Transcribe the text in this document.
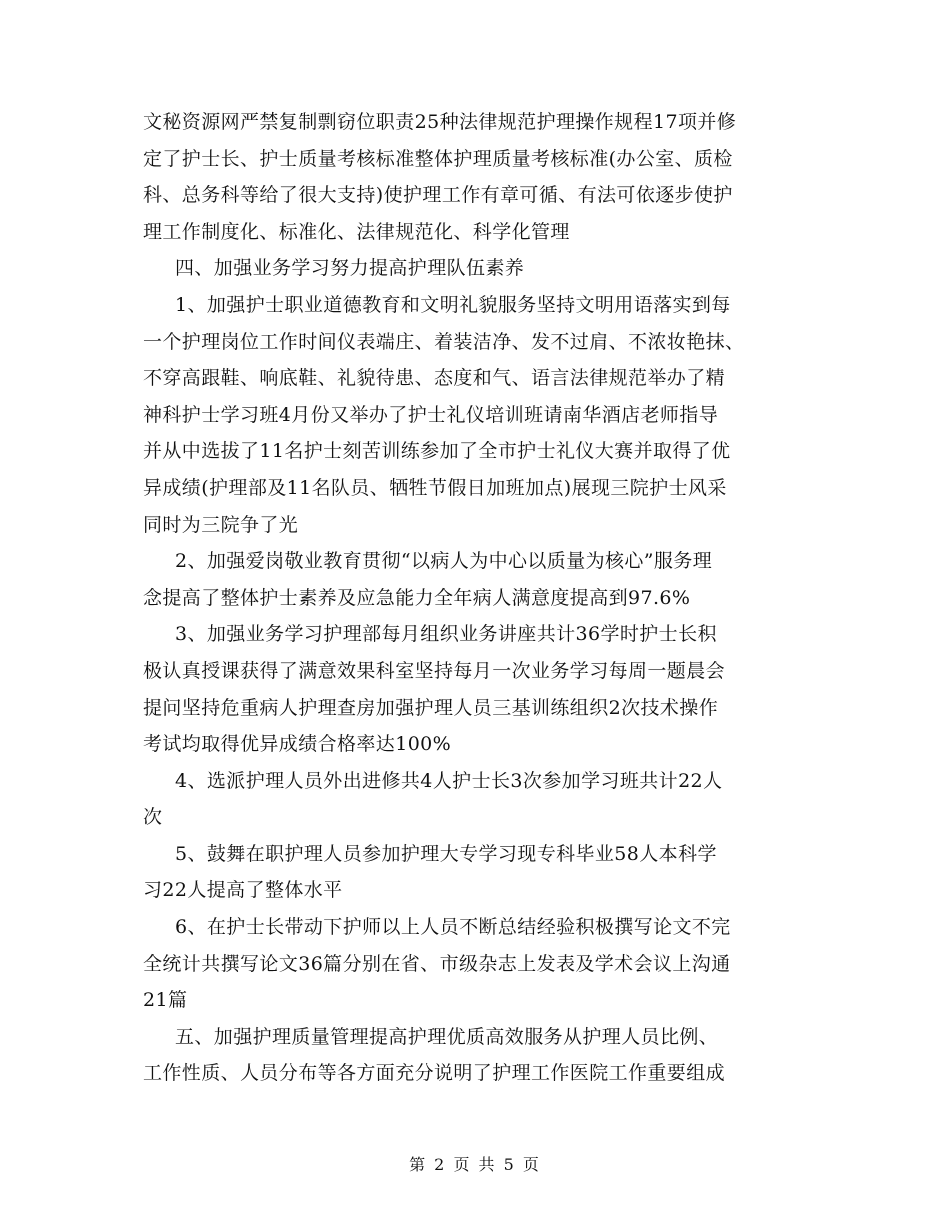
文秘资源网严禁复制剽窃位职责25种法律规范护理操作规程17项并修
定了护士长、护士质量考核标准整体护理质量考核标准(办公室、质检
科、总务科等给了很大支持)使护理工作有章可循、有法可依逐步使护
理工作制度化、标准化、法律规范化、科学化管理
四、加强业务学习努力提高护理队伍素养
1、加强护士职业道德教育和文明礼貌服务坚持文明用语落实到每
一个护理岗位工作时间仪表端庄、着装洁净、发不过肩、不浓妆艳抹、
不穿高跟鞋、响底鞋、礼貌待患、态度和气、语言法律规范举办了精
神科护士学习班4月份又举办了护士礼仪培训班请南华酒店老师指导
并从中选拔了11名护士刻苦训练参加了全市护士礼仪大赛并取得了优
异成绩(护理部及11名队员、牺牲节假日加班加点)展现三院护士风采
同时为三院争了光
2、加强爱岗敬业教育贯彻“以病人为中心以质量为核心”服务理
念提高了整体护士素养及应急能力全年病人满意度提高到97.6%
3、加强业务学习护理部每月组织业务讲座共计36学时护士长积
极认真授课获得了满意效果科室坚持每月一次业务学习每周一题晨会
提问坚持危重病人护理查房加强护理人员三基训练组织2次技术操作
考试均取得优异成绩合格率达100%
4、选派护理人员外出进修共4人护士长3次参加学习班共计22人
次
5、鼓舞在职护理人员参加护理大专学习现专科毕业58人本科学
习22人提高了整体水平
6、在护士长带动下护师以上人员不断总结经验积极撰写论文不完
全统计共撰写论文36篇分别在省、市级杂志上发表及学术会议上沟通
21篇
五、加强护理质量管理提高护理优质高效服务从护理人员比例、
工作性质、人员分布等各方面充分说明了护理工作医院工作重要组成
第 2 页 共 5 页
